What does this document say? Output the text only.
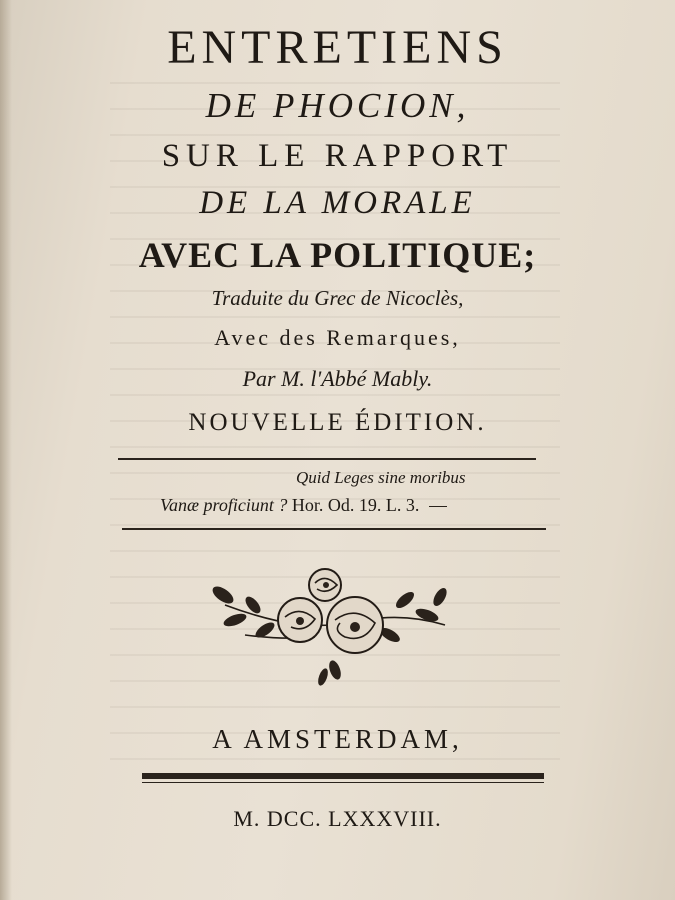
ENTRETIENS
DE PHOCION,
SUR LE RAPPORT
DE LA MORALE
AVEC LA POLITIQUE;
Traduite du Grec de Nicoclès,
Avec des Remarques,
Par M. l'Abbé Mably.
NOUVELLE ÉDITION.
Quid Leges sine moribus
Vanæ proficiunt ? Hor. Od. 19. L. 3.
A AMSTERDAM,
M. DCC. LXXXVIII.
